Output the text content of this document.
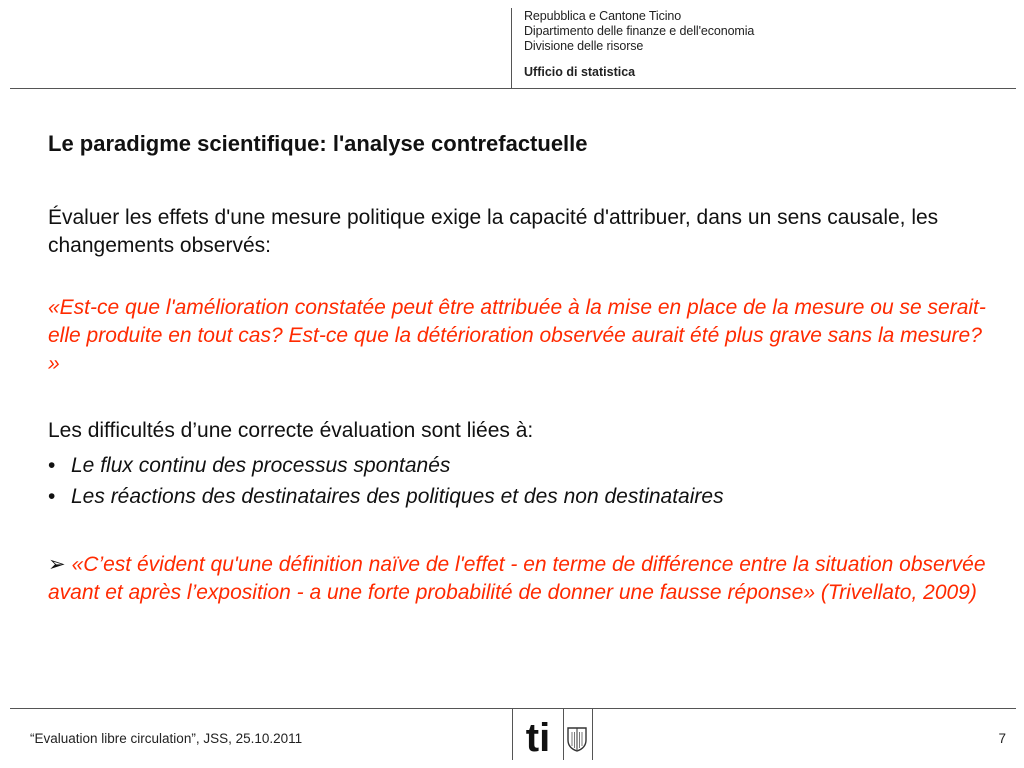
Repubblica e Cantone Ticino
Dipartimento delle finanze e dell'economia
Divisione delle risorse
Ufficio di statistica
Le paradigme scientifique: l'analyse contrefactuelle

Évaluer les effets d'une mesure politique exige la capacité d'attribuer, dans un sens causale, les changements observés:

«Est-ce que l'amélioration constatée peut être attribuée à la mise en place de la mesure ou se serait-elle produite en tout cas? Est-ce que la détérioration observée aurait été plus grave sans la mesure? »

Les difficultés d’une correcte évaluation sont liées à:

• Le flux continu des processus spontanés
• Les réactions des destinataires des politiques et des non destinataires

➢ «C’est évident qu'une définition naïve de l'effet - en terme de différence entre la situation observée avant et après l’exposition - a une forte probabilité de donner une fausse réponse» (Trivellato, 2009)

“Evaluation libre circulation”, JSS, 25.10.2011	ti	7
